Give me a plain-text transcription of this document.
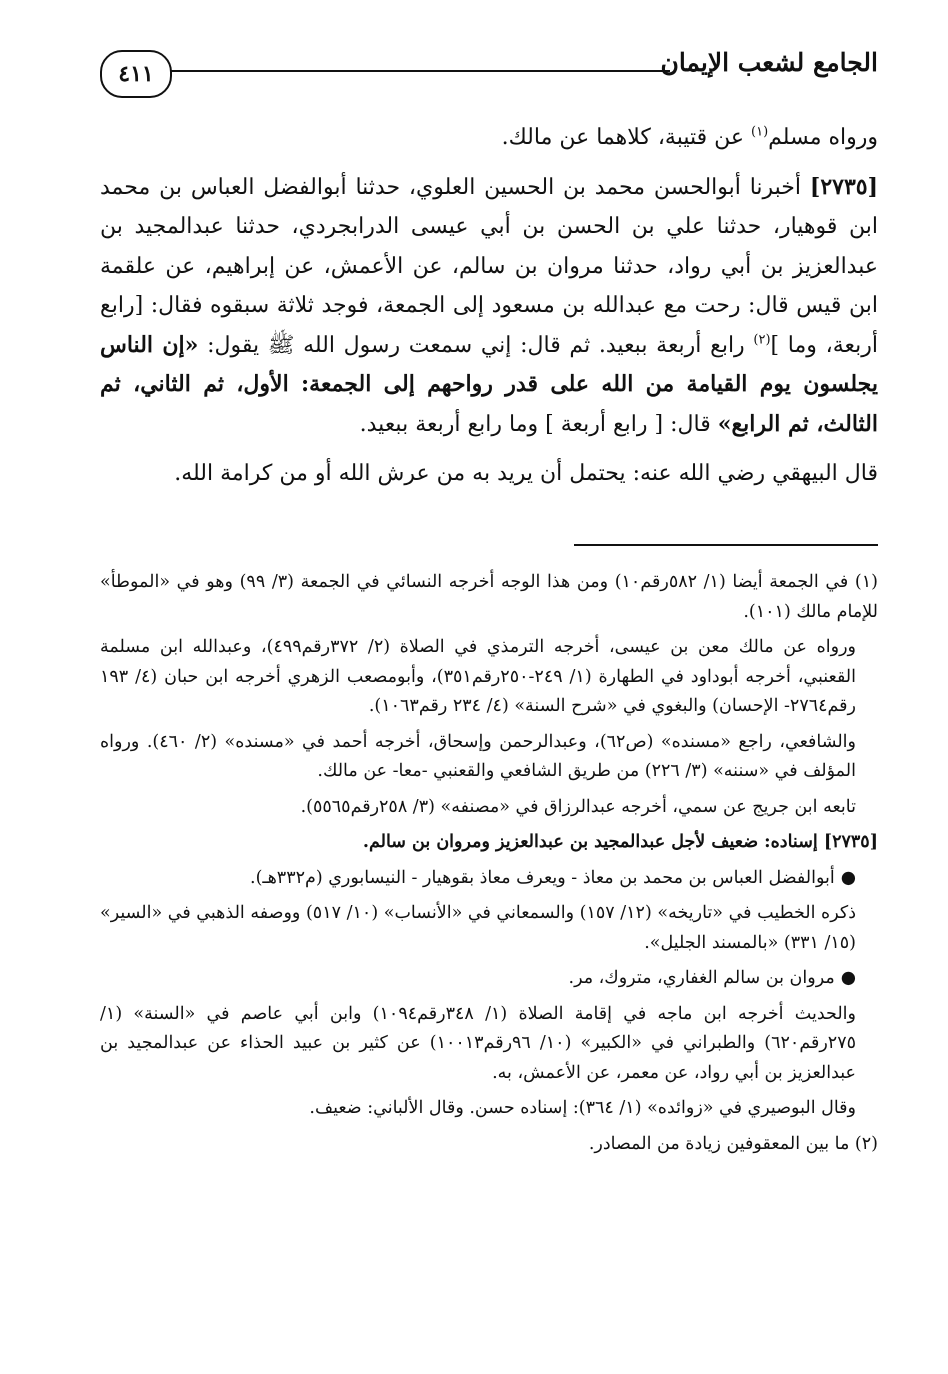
الجامع لشعب الإيمان
٤١١

ورواه مسلم$^{(١)}$ عن قتيبة، كلاهما عن مالك.

[٢٧٣٥] أخبرنا أبوالحسن محمد بن الحسين العلوي، حدثنا أبوالفضل العباس بن محمد ابن قوهيار، حدثنا علي بن الحسن بن أبي عيسى الدرابجردي، حدثنا عبدالمجيد بن عبدالعزيز بن أبي رواد، حدثنا مروان بن سالم، عن الأعمش، عن إبراهيم، عن علقمة ابن قيس قال: رحت مع عبدالله بن مسعود إلى الجمعة، فوجد ثلاثة سبقوه فقال: [رابع أربعة، وما ]$^{(٢)}$ رابع أربعة ببعيد. ثم قال: إني سمعت رسول الله ﷺ يقول: «إن الناس يجلسون يوم القيامة من الله على قدر رواحهم إلى الجمعة: الأول، ثم الثاني، ثم الثالث، ثم الرابع» قال: [ رابع أربعة ] وما رابع أربعة ببعيد.

قال البيهقي رضي الله عنه: يحتمل أن يريد به من عرش الله أو من كرامة الله.

(١) في الجمعة أيضا (١/ ٥٨٢رقم١٠) ومن هذا الوجه أخرجه النسائي في الجمعة (٣/ ٩٩) وهو في «الموطأ» للإمام مالك (١٠١).

ورواه عن مالك معن بن عيسى، أخرجه الترمذي في الصلاة (٢/ ٣٧٢رقم٤٩٩)، وعبدالله ابن مسلمة القعنبي، أخرجه أبوداود في الطهارة (١/ ٢٤٩-٢٥٠رقم٣٥١)، وأبومصعب الزهري أخرجه ابن حبان (٤/ ١٩٣ رقم٢٧٦٤- الإحسان) والبغوي في «شرح السنة» (٤/ ٢٣٤ رقم١٠٦٣).

والشافعي، راجع «مسنده» (ص٦٢)، وعبدالرحمن وإسحاق، أخرجه أحمد في «مسنده» (٢/ ٤٦٠). ورواه المؤلف في «سننه» (٣/ ٢٢٦) من طريق الشافعي والقعنبي -معا- عن مالك.

تابعه ابن جريج عن سمي، أخرجه عبدالرزاق في «مصنفه» (٣/ ٢٥٨رقم٥٥٦٥).

[٢٧٣٥] إسناده: ضعيف لأجل عبدالمجيد بن عبدالعزيز ومروان بن سالم.

●أبوالفضل العباس بن محمد بن معاذ - ويعرف معاذ بقوهيار - النيسابوري (م٣٣٢هـ).

ذكره الخطيب في «تاريخه» (١٢/ ١٥٧) والسمعاني في «الأنساب» (١٠/ ٥١٧) ووصفه الذهبي في «السير» (١٥/ ٣٣١) «بالمسند الجليل».

●مروان بن سالم الغفاري، متروك، مر.

والحديث أخرجه ابن ماجه في إقامة الصلاة (١/ ٣٤٨رقم١٠٩٤) وابن أبي عاصم في «السنة» (١/ ٢٧٥رقم٦٢٠) والطبراني في «الكبير» (١٠/ ٩٦رقم١٠٠١٣) عن كثير بن عبيد الحذاء عن عبدالمجيد بن عبدالعزيز بن أبي رواد، عن معمر، عن الأعمش، به.

وقال البوصيري في «زوائده» (١/ ٣٦٤): إسناده حسن. وقال الألباني: ضعيف.

(٢) ما بين المعقوفين زيادة من المصادر.
